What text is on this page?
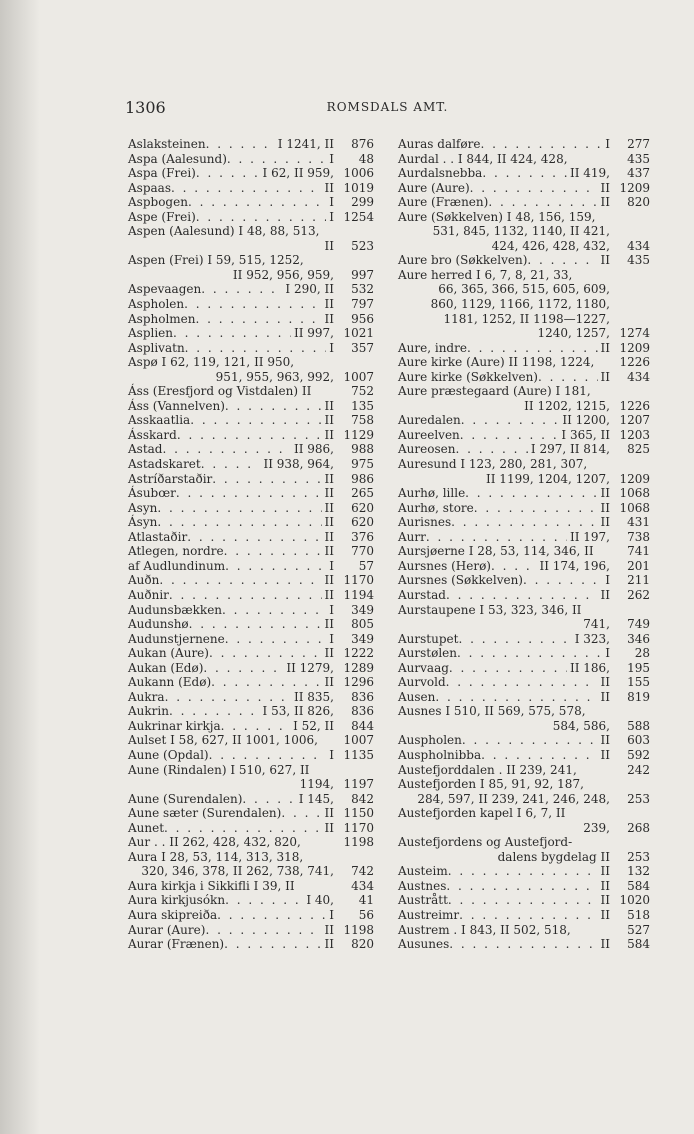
1306	ROMSDALS AMT.
Aslaksteinen . . .	I 1241, II	876
Aspa (Aalesund) . . .	I	48
Aspa (Frei) . . .	I 62, II 959, 1006
Aspaas . . .	II 1019
Aspbogen . . .	I	299
Aspe (Frei) . . .	I 1254
Aspen (Aalesund) I 48, 88, 513,
II	523
Aspen (Frei) I 59, 515, 1252,
II 952, 956, 959,	997
Aspevaagen . . .	I 290, II	532
Aspholen . . .	II	797
Aspholmen . . .	II	956
Asplien . . .	II 997, 1021
Asplivatn . . .	I	357
Aspø I 62, 119, 121, II 950,
951, 955, 963, 992, 1007
Áss (Eresfjord og Vistdalen) II	752
Áss (Vannelven) . . .	II	135
Asskaatlia . . .	II	758
Ásskard . . .	II 1129
Astad . . .	II 986,	988
Astadskaret . . .	II 938, 964,	975
Astríðarstaðir . . .	II	986
Ásubœr . . .	II	265
Asyn . . .	II	620
Ásyn . . .	II	620
Atlastaðir . . .	II	376
Atlegen, nordre . . .	II	770
af Audlundinum . . .	I	57
Auðn . . .	II 1170
Auðnir . . .	II 1194
Audunsbækken . . .	I	349
Audunshø . . .	II	805
Audunstjernene . . .	I	349
Aukan (Aure) . . .	II 1222
Aukan (Edø) . . .	II 1279, 1289
Aukann (Edø) . . .	II 1296
Aukra . . .	II 835,	836
Aukrin . . .	I 53, II 826,	836
Aukrinar kirkja . . .	I 52, II	844
Aulset I 58, 627, II 1001, 1006,	1007
Aune (Opdal) . . .	I 1135
Aune (Rindalen) I 510, 627, II
1194, 1197
Aune (Surendalen) . . .	I 145,	842
Aune sæter (Surendalen) . . .	II 1150
Aunet . . .	II 1170
Aur . . II 262, 428, 432, 820,	1198
Aura I 28, 53, 114, 313, 318,
320, 346, 378, II 262, 738, 741,	742
Aura kirkja i Sikkifli I 39, II	434
Aura kirkjusókn . . .	I 40,	41
Aura skipreiða . . .	I	56
Aurar (Aure) . . .	II 1198
Aurar (Frænen) . . .	II	820
Auras dalføre . . .	I	277
Aurdal . . I 844, II 424, 428,	435
Aurdalsnebba . . .	II 419,	437
Aure (Aure) . . .	II 1209
Aure (Frænen) . . .	II	820
Aure (Søkkelven) I 48, 156, 159,
531, 845, 1132, 1140, II 421,
424, 426, 428, 432,	434
Aure bro (Søkkelven) . . .	II	435
Aure herred I 6, 7, 8, 21, 33,
66, 365, 366, 515, 605, 609,
860, 1129, 1166, 1172, 1180,
1181, 1252, II 1198—1227,
1240, 1257, 1274
Aure, indre . . .	II 1209
Aure kirke (Aure) II 1198, 1224,	1226
Aure kirke (Søkkelven) . . .	II	434
Aure præstegaard (Aure) I 181,
II 1202, 1215, 1226
Auredalen . . .	II 1200, 1207
Aureelven . . .	I 365, II 1203
Aureosen . . .	I 297, II 814,	825
Auresund I 123, 280, 281, 307,
II 1199, 1204, 1207, 1209
Aurhø, lille . . .	II 1068
Aurhø, store . . .	II 1068
Aurisnes . . .	II	431
Aurr . . .	II 197,	738
Aursjøerne I 28, 53, 114, 346, II	741
Aursnes (Herø) . . .	II 174, 196,	201
Aursnes (Søkkelven) . . .	I	211
Aurstad . . .	II	262
Aurstaupene I 53, 323, 346, II
741,	749
Aurstupet . . .	I 323,	346
Aurstølen . . .	I	28
Aurvaag . . .	II 186,	195
Aurvold . . .	II	155
Ausen . . .	II	819
Ausnes I 510, II 569, 575, 578,
584, 586,	588
Auspholen . . .	II	603
Auspholnibba . . .	II	592
Austefjorddalen . II 239, 241,	242
Austefjorden I 85, 91, 92, 187,
284, 597, II 239, 241, 246, 248,	253
Austefjorden kapel I 6, 7, II
239,	268
Austefjordens og Austefjord-
dalens bygdelag II	253
Austeim . . .	II	132
Austnes . . .	II	584
Austrått . . .	II 1020
Austreimr . . .	II	518
Austrem . I 843, II 502, 518,	527
Ausunes . . .	II	584
